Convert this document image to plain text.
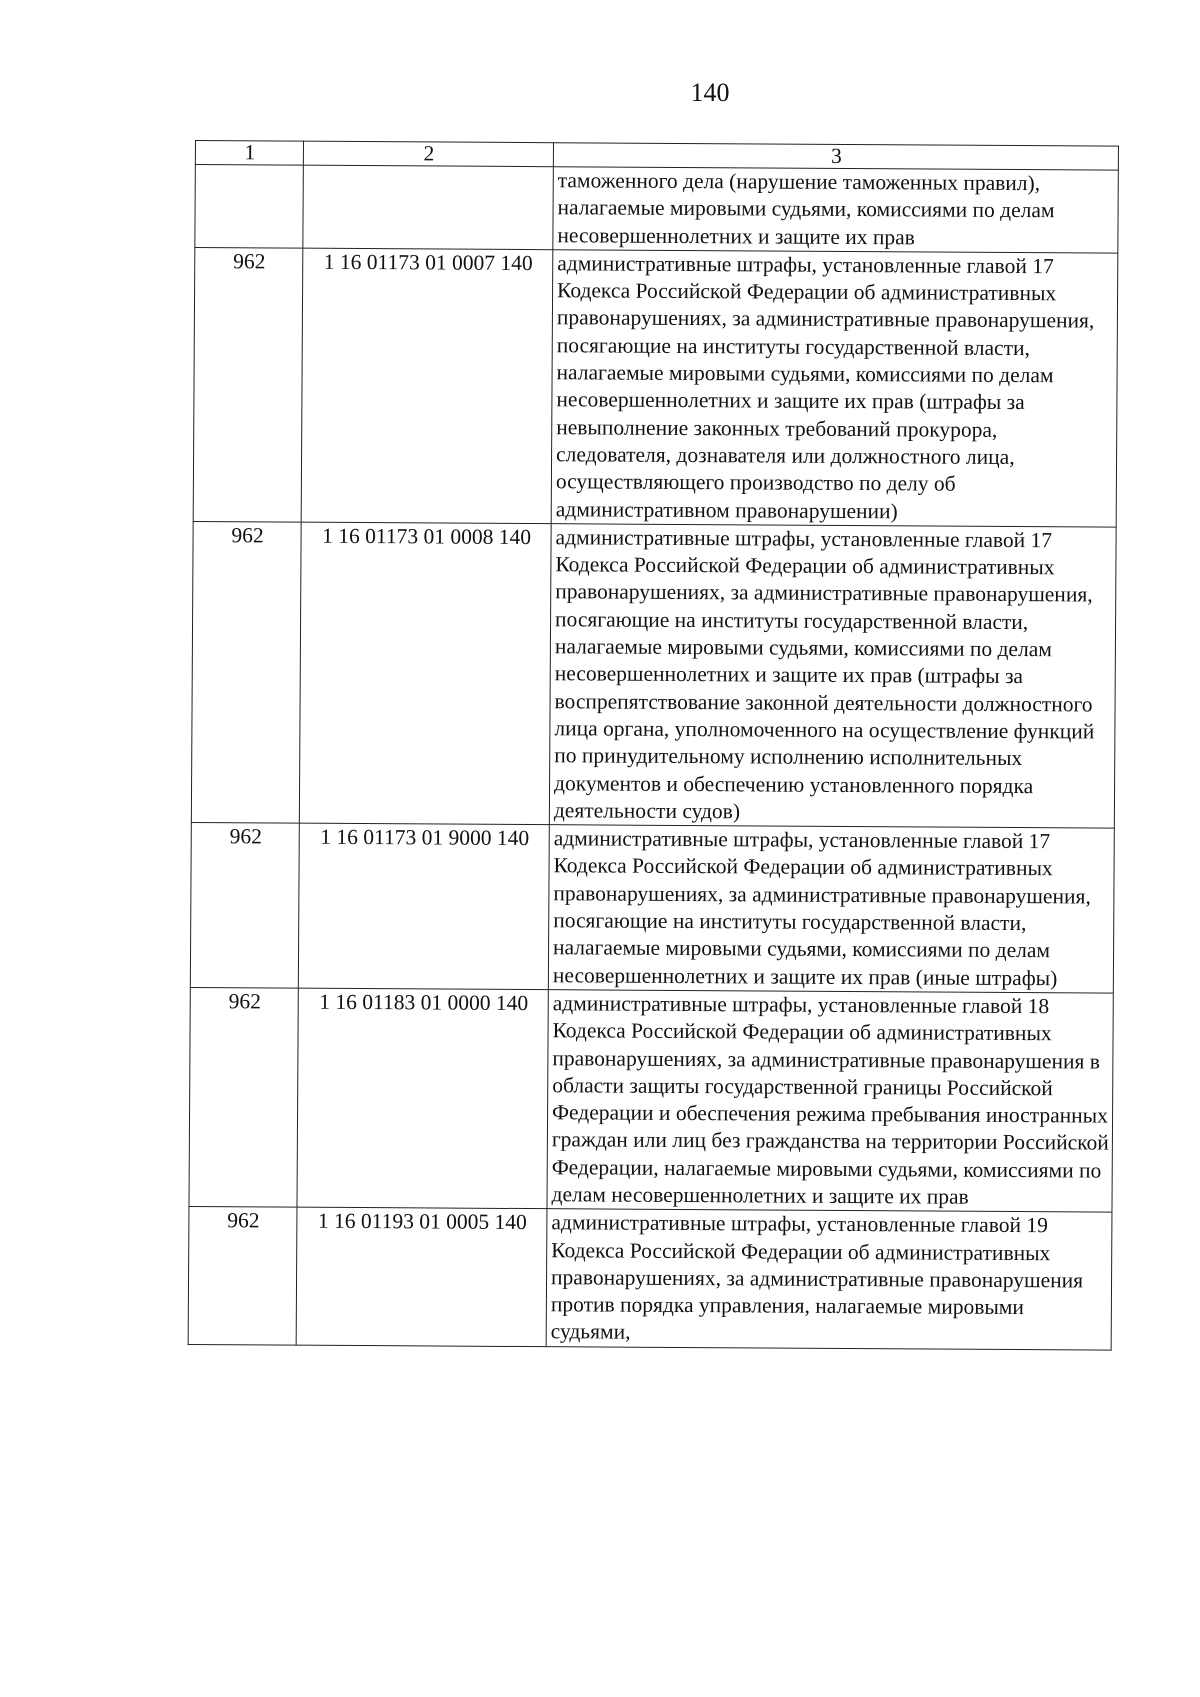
140
1	2	3
		таможенного дела (нарушение таможенных правил), налагаемые мировыми судьями, комиссиями по делам несовершеннолетних и защите их прав
962	1 16 01173 01 0007 140	административные штрафы, установленные главой 17 Кодекса Российской Федерации об административных правонарушениях, за административные правонарушения, посягающие на институты государственной власти, налагаемые мировыми судьями, комиссиями по делам несовершеннолетних и защите их прав (штрафы за невыполнение законных требований прокурора, следователя, дознавателя или должностного лица, осуществляющего производство по делу об административном правонарушении)
962	1 16 01173 01 0008 140	административные штрафы, установленные главой 17 Кодекса Российской Федерации об административных правонарушениях, за административные правонарушения, посягающие на институты государственной власти, налагаемые мировыми судьями, комиссиями по делам несовершеннолетних и защите их прав (штрафы за воспрепятствование законной деятельности должностного лица органа, уполномоченного на осуществление функций по принудительному исполнению исполнительных документов и обеспечению установленного порядка деятельности судов)
962	1 16 01173 01 9000 140	административные штрафы, установленные главой 17 Кодекса Российской Федерации об административных правонарушениях, за административные правонарушения, посягающие на институты государственной власти, налагаемые мировыми судьями, комиссиями по делам несовершеннолетних и защите их прав (иные штрафы)
962	1 16 01183 01 0000 140	административные штрафы, установленные главой 18 Кодекса Российской Федерации об административных правонарушениях, за административные правонарушения в области защиты государственной границы Российской Федерации и обеспечения режима пребывания иностранных граждан или лиц без гражданства на территории Российской Федерации, налагаемые мировыми судьями, комиссиями по делам несовершеннолетних и защите их прав
962	1 16 01193 01 0005 140	административные штрафы, установленные главой 19 Кодекса Российской Федерации об административных правонарушениях, за административные правонарушения против порядка управления, налагаемые мировыми судьями,
